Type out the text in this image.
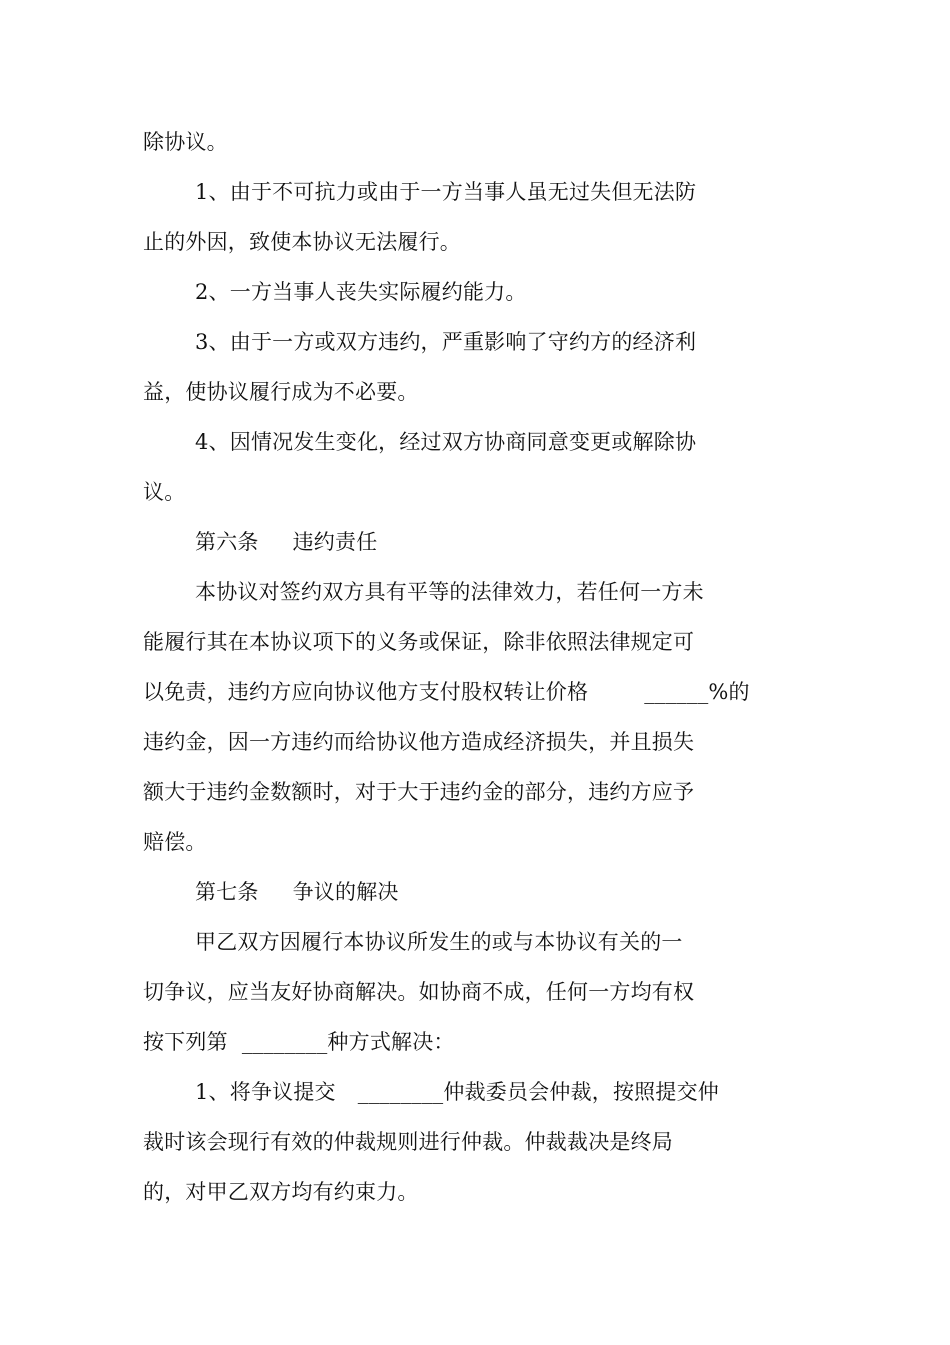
除协议。
1、由于不可抗力或由于一方当事人虽无过失但无法防
止的外因，致使本协议无法履行。
2、一方当事人丧失实际履约能力。
3、由于一方或双方违约，严重影响了守约方的经济利
益，使协议履行成为不必要。
4、因情况发生变化，经过双方协商同意变更或解除协
议。
第六条 违约责任
本协议对签约双方具有平等的法律效力，若任何一方未
能履行其在本协议项下的义务或保证，除非依照法律规定可
以免责，违约方应向协议他方支付股权转让价格	______%的
违约金，因一方违约而给协议他方造成经济损失，并且损失
额大于违约金数额时，对于大于违约金的部分，违约方应予
赔偿。
第七条 争议的解决
甲乙双方因履行本协议所发生的或与本协议有关的一
切争议，应当友好协商解决。如协商不成，任何一方均有权
按下列第 ________种方式解决：
1、将争议提交 ________仲裁委员会仲裁，按照提交仲
裁时该会现行有效的仲裁规则进行仲裁。仲裁裁决是终局
的，对甲乙双方均有约束力。
